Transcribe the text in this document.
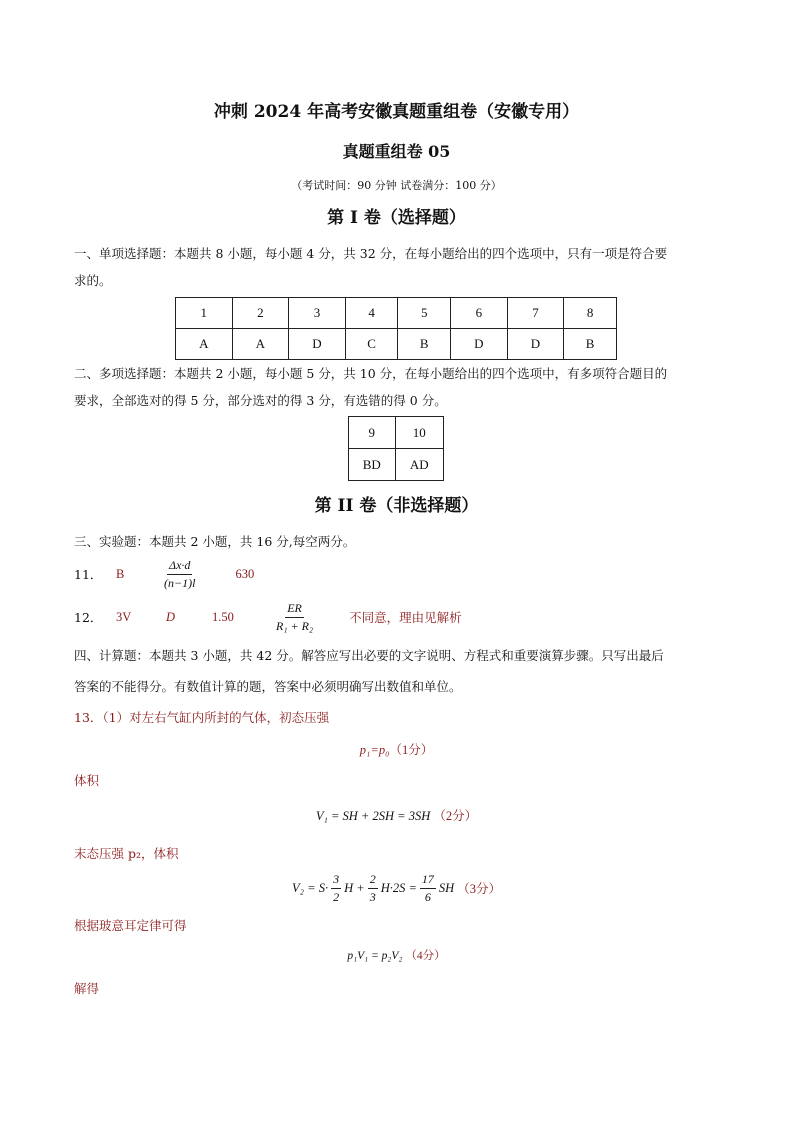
冲刺 2024 年高考安徽真题重组卷（安徽专用）
真题重组卷 05
（考试时间：90 分钟 试卷满分：100 分）
第 I 卷（选择题）
一、单项选择题：本题共 8 小题，每小题 4 分，共 32 分，在每小题给出的四个选项中，只有一项是符合要
求的。
1	2	3	4	5	6	7	8
A	A	D	C	B	D	D	B
二、多项选择题：本题共 2 小题，每小题 5 分，共 10 分，在每小题给出的四个选项中，有多项符合题目的
要求，全部选对的得 5 分，部分选对的得 3 分，有选错的得 0 分。
9	10
BD	AD
第 II 卷（非选择题）
三、实验题：本题共 2 小题，共 16 分,每空两分。
11．	B	$\frac{\Delta x\cdot d}{(n-1)l}$	630
12．	3V	D	1.50	$\frac{ER}{\text{R₁ + R₂}}$	不同意，理由见解析
四、计算题：本题共 3 小题，共 42 分。解答应写出必要的文字说明、方程式和重要演算步骤。只写出最后
答案的不能得分。有数值计算的题，答案中必须明确写出数值和单位。
13．（1）对左右气缸内所封的气体，初态压强
p₁=p₀（1分）
体积
V₁ = SH + 2SH = 3SH （2分）
末态压强 p₂，体积
$V_2 = S\cdot \frac{3}{2}$ $H + \frac{2}{3} H\cdot 2S = \frac{17}{6}$ SH （3分）
根据玻意耳定律可得
p₁V₁ = p₂V₂ （4分）
解得
